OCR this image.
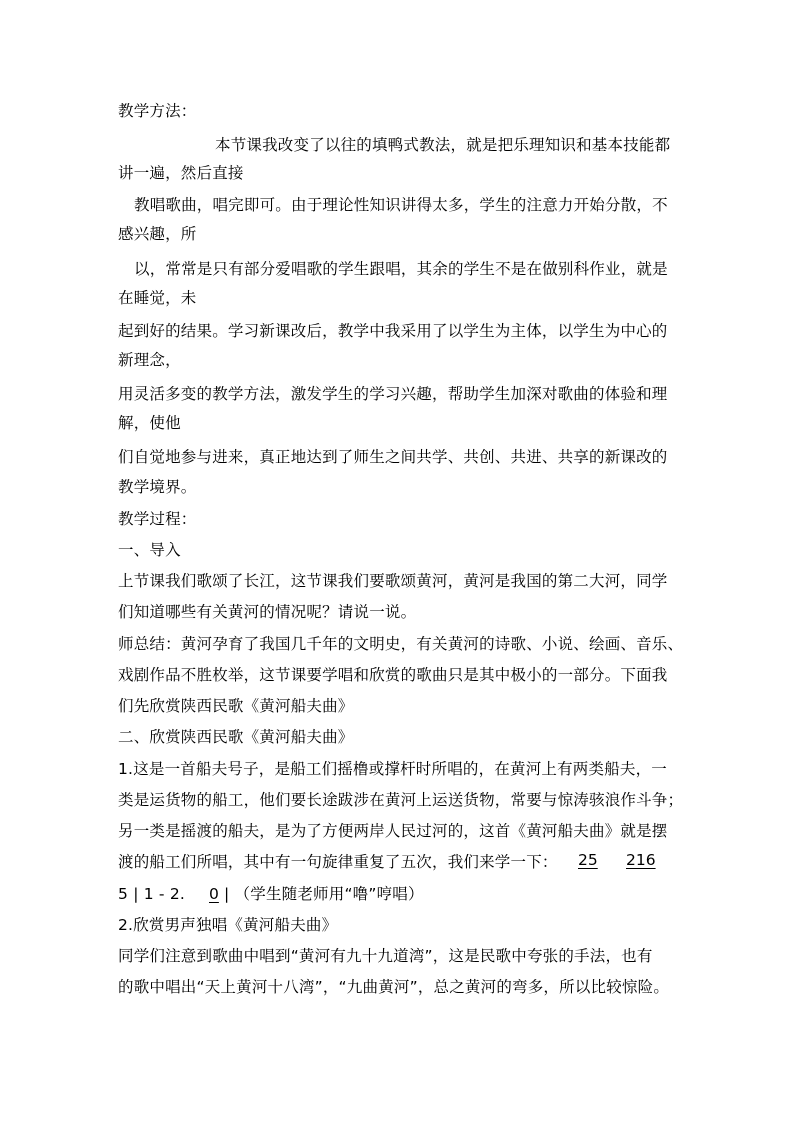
教学方法：
本节课我改变了以往的填鸭式教法，就是把乐理知识和基本技能都
讲一遍，然后直接
教唱歌曲，唱完即可。由于理论性知识讲得太多，学生的注意力开始分散，不
感兴趣，所
以，常常是只有部分爱唱歌的学生跟唱，其余的学生不是在做别科作业，就是
在睡觉，未
起到好的结果。学习新课改后，教学中我采用了以学生为主体，以学生为中心的
新理念，
用灵活多变的教学方法，激发学生的学习兴趣，帮助学生加深对歌曲的体验和理
解，使他
们自觉地参与进来，真正地达到了师生之间共学、共创、共进、共享的新课改的
教学境界。
教学过程：
一、导入
上节课我们歌颂了长江，这节课我们要歌颂黄河，黄河是我国的第二大河，同学
们知道哪些有关黄河的情况呢？请说一说。
师总结：黄河孕育了我国几千年的文明史，有关黄河的诗歌、小说、绘画、音乐、
戏剧作品不胜枚举，这节课要学唱和欣赏的歌曲只是其中极小的一部分。下面我
们先欣赏陕西民歌《黄河船夫曲》
二、欣赏陕西民歌《黄河船夫曲》
1.这是一首船夫号子，是船工们摇橹或撑杆时所唱的，在黄河上有两类船夫，一
类是运货物的船工，他们要长途跋涉在黄河上运送货物，常要与惊涛骇浪作斗争；
另一类是摇渡的船夫，是为了方便两岸人民过河的，这首《黄河船夫曲》就是摆
渡的船工们所唱，其中有一句旋律重复了五次，我们来学一下： 25 216
5 | 1 - 2. 0 | （学生随老师用“噜”哼唱）
2.欣赏男声独唱《黄河船夫曲》
同学们注意到歌曲中唱到“黄河有九十九道湾”，这是民歌中夸张的手法，也有
的歌中唱出“天上黄河十八湾”，“九曲黄河”，总之黄河的弯多，所以比较惊险。
